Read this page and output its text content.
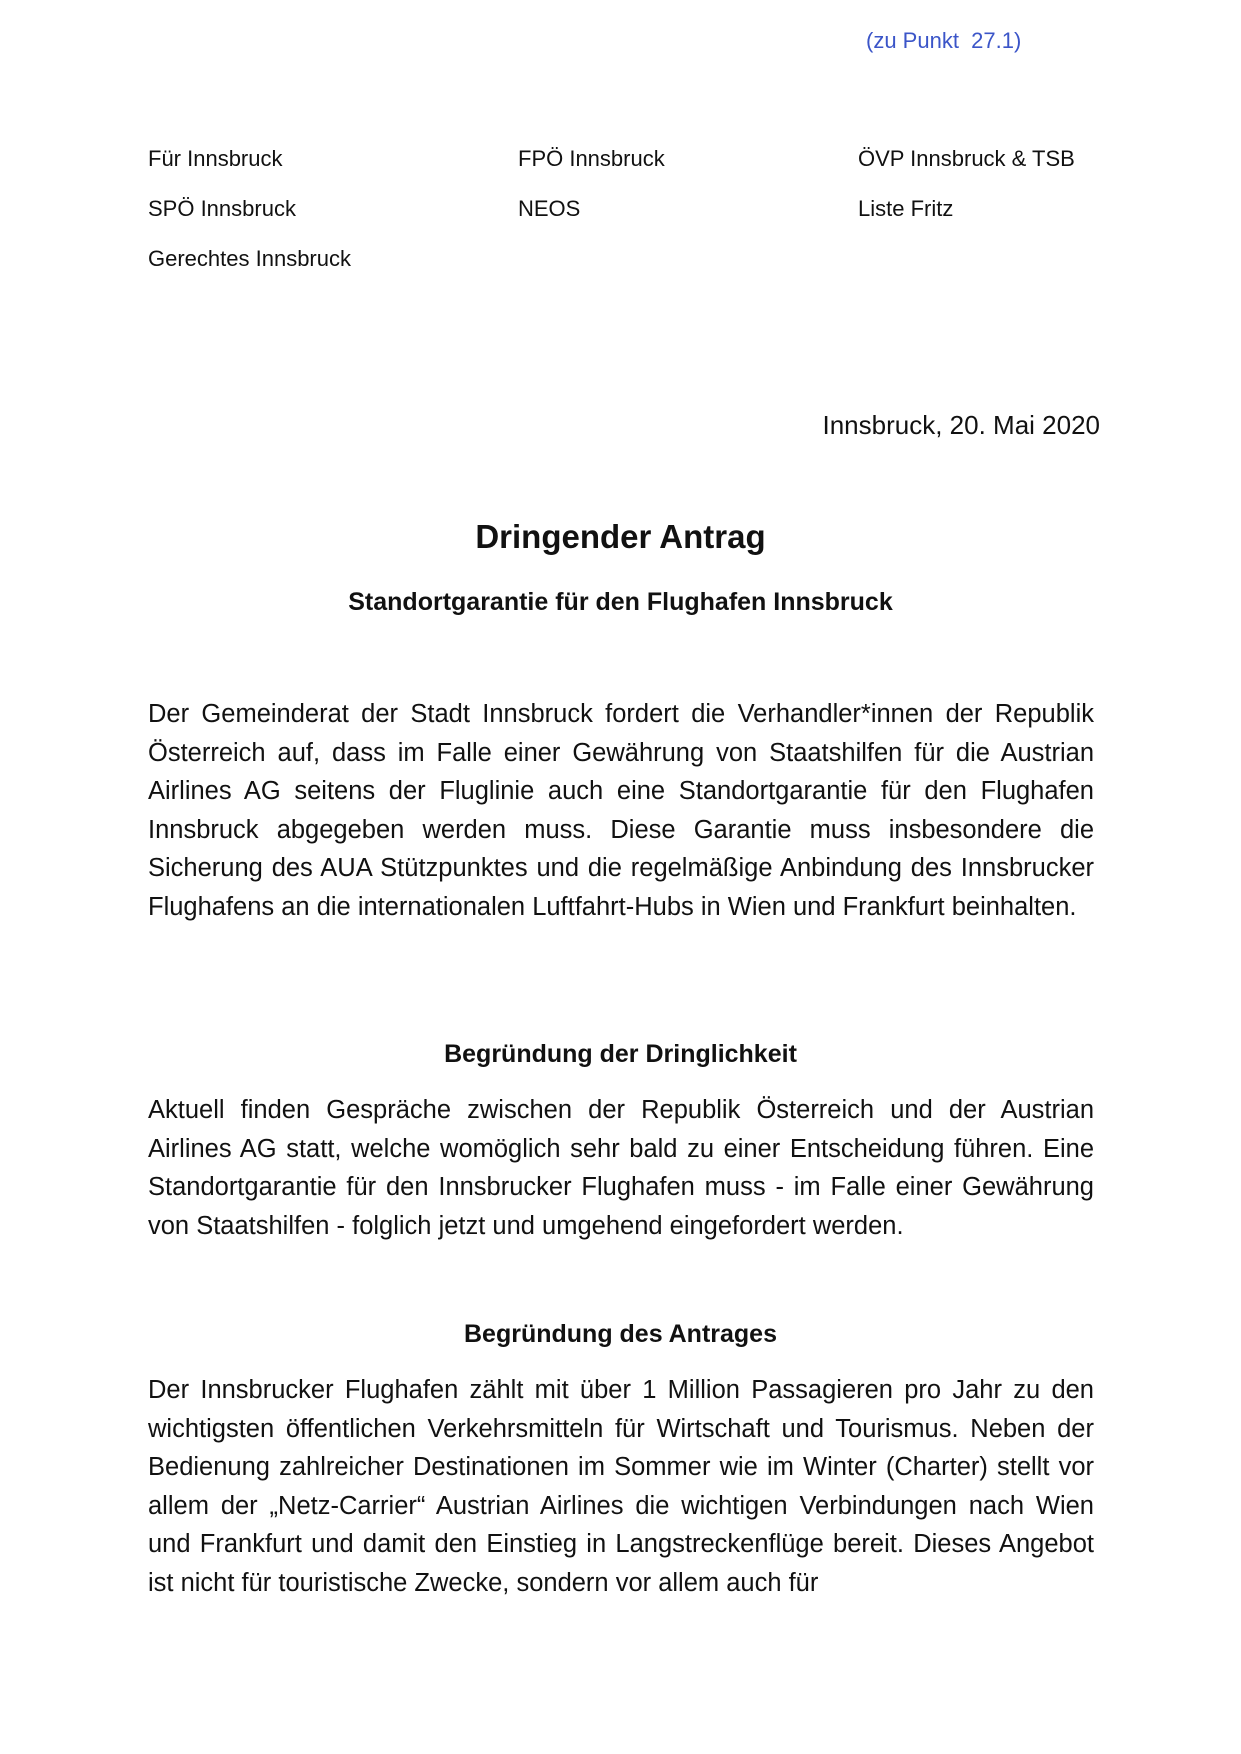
(zu Punkt  27.1)
Für Innsbruck
SPÖ Innsbruck
Gerechtes Innsbruck
FPÖ Innsbruck
NEOS
ÖVP Innsbruck & TSB
Liste Fritz
Innsbruck, 20. Mai 2020
Dringender Antrag
Standortgarantie für den Flughafen Innsbruck

Der Gemeinderat der Stadt Innsbruck fordert die Verhandler*innen der Republik Österreich auf, dass im Falle einer Gewährung von Staatshilfen für die Austrian Airlines AG seitens der Fluglinie auch eine Standortgarantie für den Flughafen Innsbruck abgegeben werden muss. Diese Garantie muss insbesondere die Sicherung des AUA Stützpunktes und die regelmäßige Anbindung des Innsbrucker Flughafens an die internationalen Luftfahrt-Hubs in Wien und Frankfurt beinhalten.

Begründung der Dringlichkeit

Aktuell finden Gespräche zwischen der Republik Österreich und der Austrian Airlines AG statt, welche womöglich sehr bald zu einer Entscheidung führen. Eine Standortgarantie für den Innsbrucker Flughafen muss - im Falle einer Gewährung von Staatshilfen - folglich jetzt und umgehend eingefordert werden.

Begründung des Antrages

Der Innsbrucker Flughafen zählt mit über 1 Million Passagieren pro Jahr zu den wichtigsten öffentlichen Verkehrsmitteln für Wirtschaft und Tourismus. Neben der Bedienung zahlreicher Destinationen im Sommer wie im Winter (Charter) stellt vor allem der „Netz-Carrier“ Austrian Airlines die wichtigen Verbindungen nach Wien und Frankfurt und damit den Einstieg in Langstreckenflüge bereit. Dieses Angebot ist nicht für touristische Zwecke, sondern vor allem auch für
